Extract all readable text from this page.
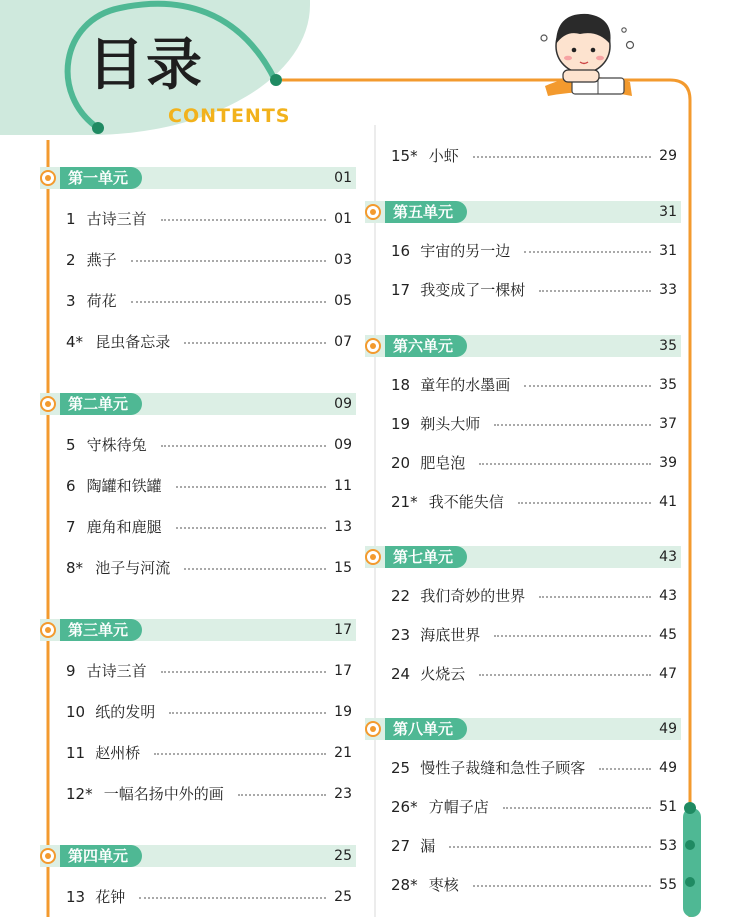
目录
CONTENTS
第一单元	01
1 古诗三首	01
2 燕子	03
3 荷花	05
4* 昆虫备忘录	07
第二单元	09
5 守株待兔	09
6 陶罐和铁罐	11
7 鹿角和鹿腿	13
8* 池子与河流	15
第三单元	17
9 古诗三首	17
10 纸的发明	19
11 赵州桥	21
12* 一幅名扬中外的画	23
第四单元	25
13 花钟	25
15* 小虾	29
第五单元	31
16 宇宙的另一边	31
17 我变成了一棵树	33
第六单元	35
18 童年的水墨画	35
19 剃头大师	37
20 肥皂泡	39
21* 我不能失信	41
第七单元	43
22 我们奇妙的世界	43
23 海底世界	45
24 火烧云	47
第八单元	49
25 慢性子裁缝和急性子顾客	49
26* 方帽子店	51
27 漏	53
28* 枣核	55
